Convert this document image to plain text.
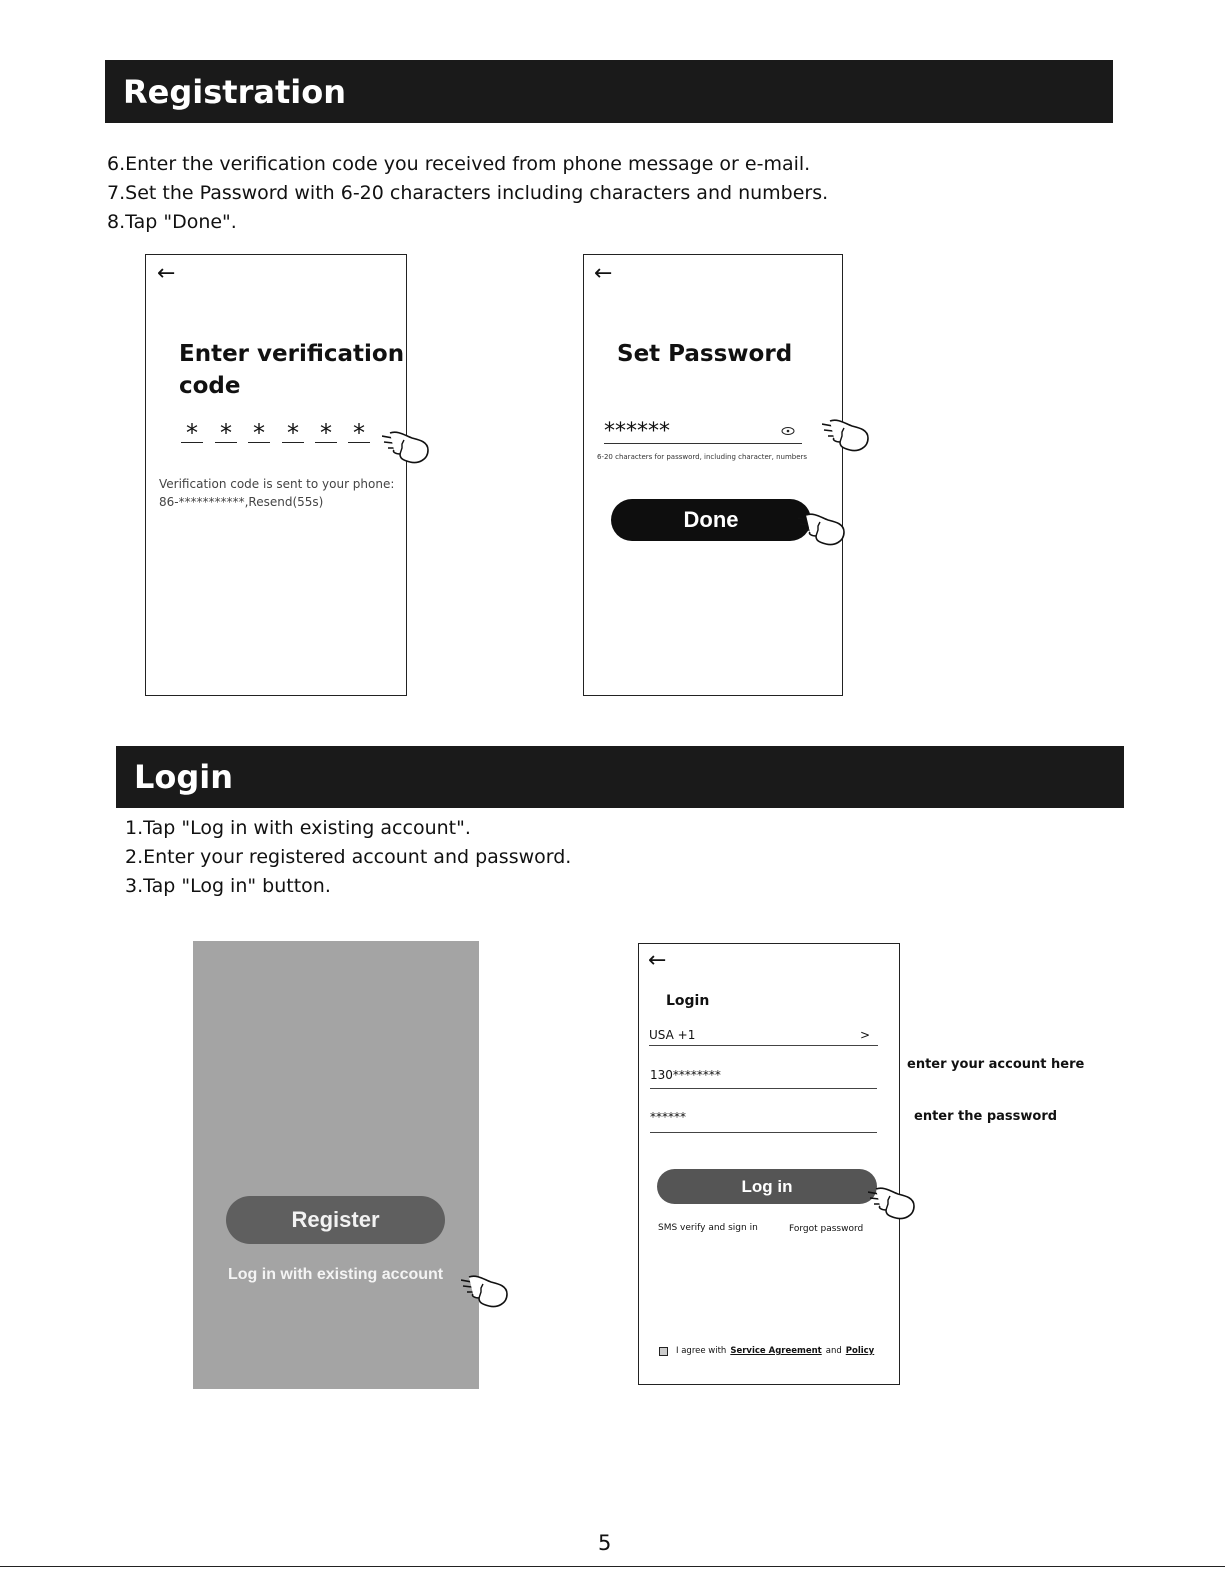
Registration
6.Enter the verification code you received from phone message or e-mail.
7.Set the Password with 6-20 characters including characters and numbers.
8.Tap "Done".
←
Enter verification
code
* * * * * *
Verification code is sent to your phone:
86-***********,Resend(55s)
←
Set Password
******
6-20 characters for password, including character, numbers
Done
Login
1.Tap "Log in with existing account".
2.Enter your registered account and password.
3.Tap "Log in" button.
Register
Log in with existing account
←
Login
USA +1	>
130********
******
Log in
SMS verify and sign in	Forgot password
I agree with Service Agreement and Policy
enter your account here
enter the password
5
